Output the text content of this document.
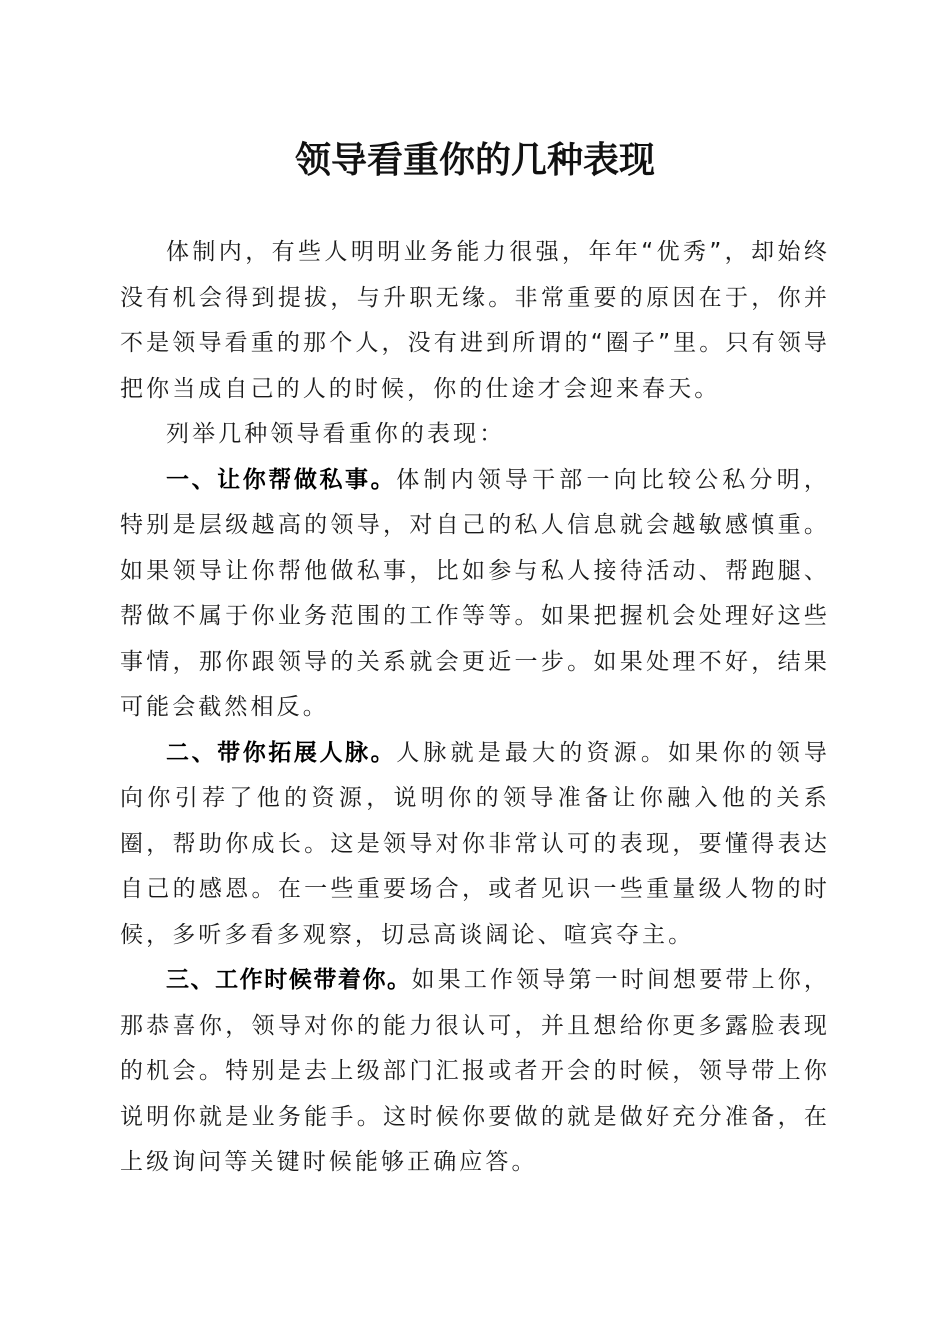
领导看重你的几种表现

体制内，有些人明明业务能力很强，年年“优秀”，却始终没有机会得到提拔，与升职无缘。非常重要的原因在于，你并不是领导看重的那个人，没有进到所谓的“圈子”里。只有领导把你当成自己的人的时候，你的仕途才会迎来春天。

列举几种领导看重你的表现：

一、让你帮做私事。体制内领导干部一向比较公私分明，特别是层级越高的领导，对自己的私人信息就会越敏感慎重。如果领导让你帮他做私事，比如参与私人接待活动、帮跑腿、帮做不属于你业务范围的工作等等。如果把握机会处理好这些事情，那你跟领导的关系就会更近一步。如果处理不好，结果可能会截然相反。

二、带你拓展人脉。人脉就是最大的资源。如果你的领导向你引荐了他的资源，说明你的领导准备让你融入他的关系圈，帮助你成长。这是领导对你非常认可的表现，要懂得表达自己的感恩。在一些重要场合，或者见识一些重量级人物的时候，多听多看多观察，切忌高谈阔论、喧宾夺主。

三、工作时候带着你。如果工作领导第一时间想要带上你，那恭喜你，领导对你的能力很认可，并且想给你更多露脸表现的机会。特别是去上级部门汇报或者开会的时候，领导带上你说明你就是业务能手。这时候你要做的就是做好充分准备，在上级询问等关键时候能够正确应答。
